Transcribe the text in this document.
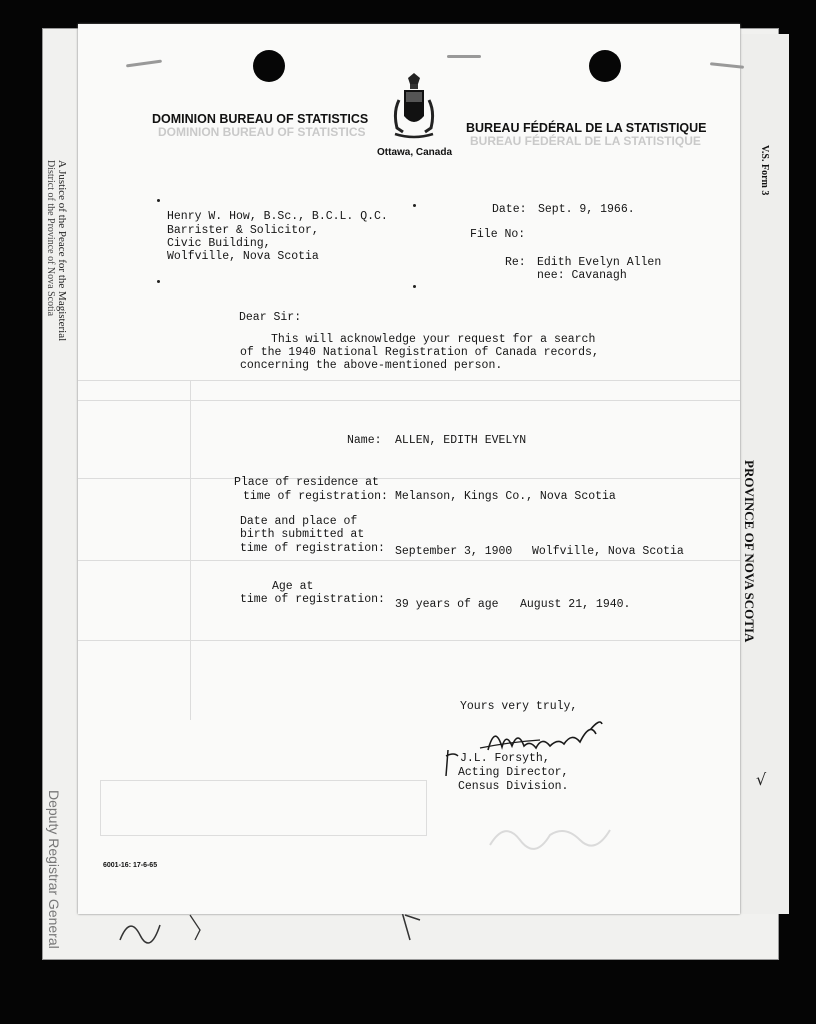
A Justice of the Peace for the Magisterial
District of the Province of Nova Scotia
Deputy Registrar General
V.S. Form 3
PROVINCE OF NOVA SCOTIA
√
DOMINION BUREAU OF STATISTICS
BUREAU FÉDÉRAL DE LA STATISTIQUE
Ottawa, Canada
DOMINION BUREAU OF STATISTICS
BUREAU FÉDÉRAL DE LA STATISTIQUE
Henry W. How, B.Sc., B.C.L. Q.C.
Barrister & Solicitor,
Civic Building,
Wolfville, Nova Scotia
Date: Sept. 9, 1966.
File No:
Re: Edith Evelyn Allen
nee: Cavanagh
Dear Sir:
This will acknowledge your request for a search
of the 1940 National Registration of Canada records,
concerning the above-mentioned person.
Name: ALLEN, EDITH EVELYN
Place of residence at
time of registration: Melanson, Kings Co., Nova Scotia
Date and place of
birth submitted at
time of registration: September 3, 1900 Wolfville, Nova Scotia
Age at
time of registration: 39 years of age August 21, 1940.
Yours very truly,
J.L. Forsyth,
Acting Director,
Census Division.
6001-16: 17-6-65
